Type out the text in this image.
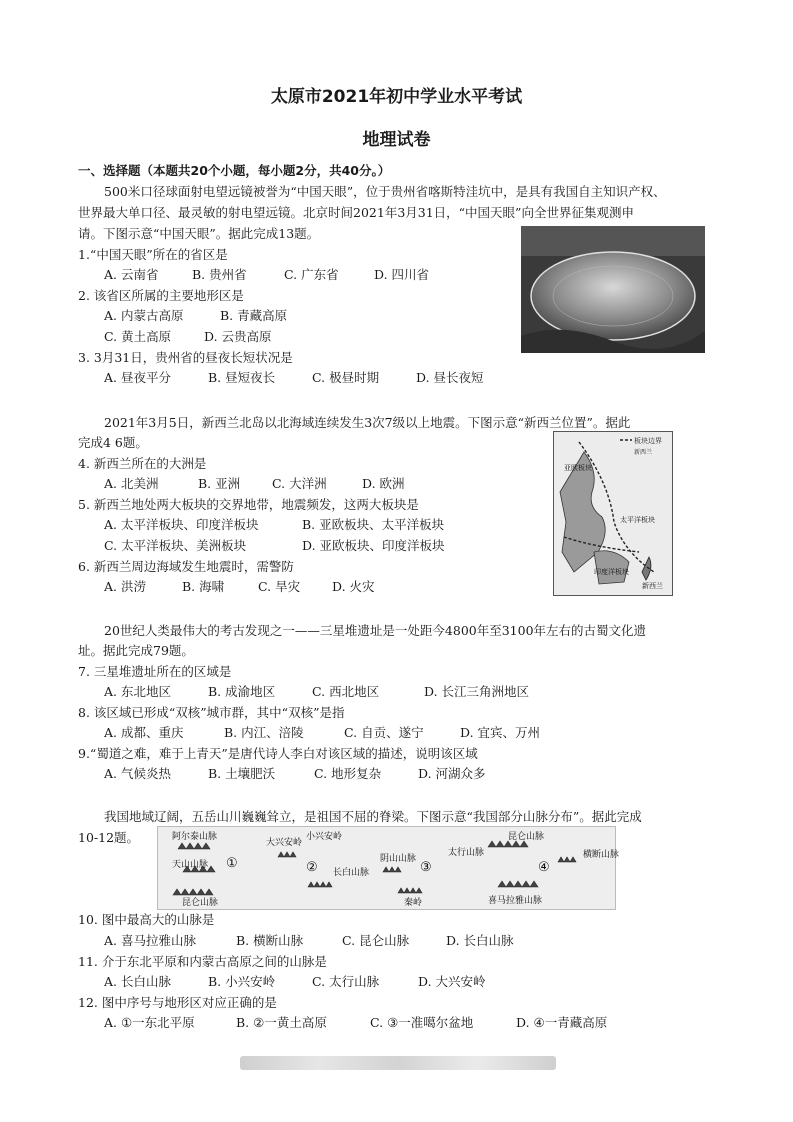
太原市2021年初中学业水平考试
地理试卷
一、选择题（本题共20个小题，每小题2分，共40分。）
500米口径球面射电望远镜被誉为“中国天眼”，位于贵州省喀斯特洼坑中，是具有我国自主知识产权、
世界最大单口径、最灵敏的射电望远镜。北京时间2021年3月31日，“中国天眼”向全世界征集观测申
请。下图示意“中国天眼”。据此完成13题。
1.“中国天眼”所在的省区是
A. 云南省	B. 贵州省	C. 广东省	D. 四川省
2. 该省区所属的主要地形区是
A. 内蒙古高原	B. 青藏高原
C. 黄土高原	D. 云贵高原
3. 3月31日，贵州省的昼夜长短状况是
A. 昼夜平分	B. 昼短夜长	C. 极昼时期	D. 昼长夜短
2021年3月5日，新西兰北岛以北海域连续发生3次7级以上地震。下图示意“新西兰位置”。据此
完成4 6题。	板块边界
新西兰
亚欧板块
太平洋板块
印度洋板块
新西兰
4. 新西兰所在的大洲是
A. 北美洲	B. 亚洲	C. 大洋洲	D. 欧洲
5. 新西兰地处两大板块的交界地带，地震频发，这两大板块是
A. 太平洋板块、印度洋板块	B. 亚欧板块、太平洋板块
C. 太平洋板块、美洲板块	D. 亚欧板块、印度洋板块
6. 新西兰周边海域发生地震时，需警防
A. 洪涝	B. 海啸	C. 旱灾	D. 火灾
20世纪人类最伟大的考古发现之一——三星堆遗址是一处距今4800年至3100年左右的古蜀文化遗
址。据此完成79题。
7. 三星堆遗址所在的区域是
A. 东北地区	B. 成渝地区	C. 西北地区	D. 长江三角洲地区
8. 该区域已形成“双核”城市群，其中“双核”是指
A. 成都、重庆	B. 内江、涪陵	C. 自贡、遂宁	D. 宜宾、万州
9.“蜀道之难，难于上青天”是唐代诗人李白对该区域的描述，说明该区域
A. 气候炎热	B. 土壤肥沃	C. 地形复杂	D. 河湖众多
我国地域辽阔，五岳山川巍巍耸立，是祖国不屈的脊梁。下图示意“我国部分山脉分布”。据此完成
10-12题。	阿尔泰山脉
天山山脉
昆仑山脉
①
大兴安岭
小兴安岭
长白山脉
②
阴山山脉
太行山脉
秦岭
③
昆仑山脉
喜马拉雅山脉
横断山脉
④
10. 图中最高大的山脉是
A. 喜马拉雅山脉	B. 横断山脉	C. 昆仑山脉	D. 长白山脉
11. 介于东北平原和内蒙古高原之间的山脉是
A. 长白山脉	B. 小兴安岭	C. 太行山脉	D. 大兴安岭
12. 图中序号与地形区对应正确的是
A. ①一东北平原	B. ②一黄土高原	C. ③一准噶尔盆地	D. ④一青藏高原
